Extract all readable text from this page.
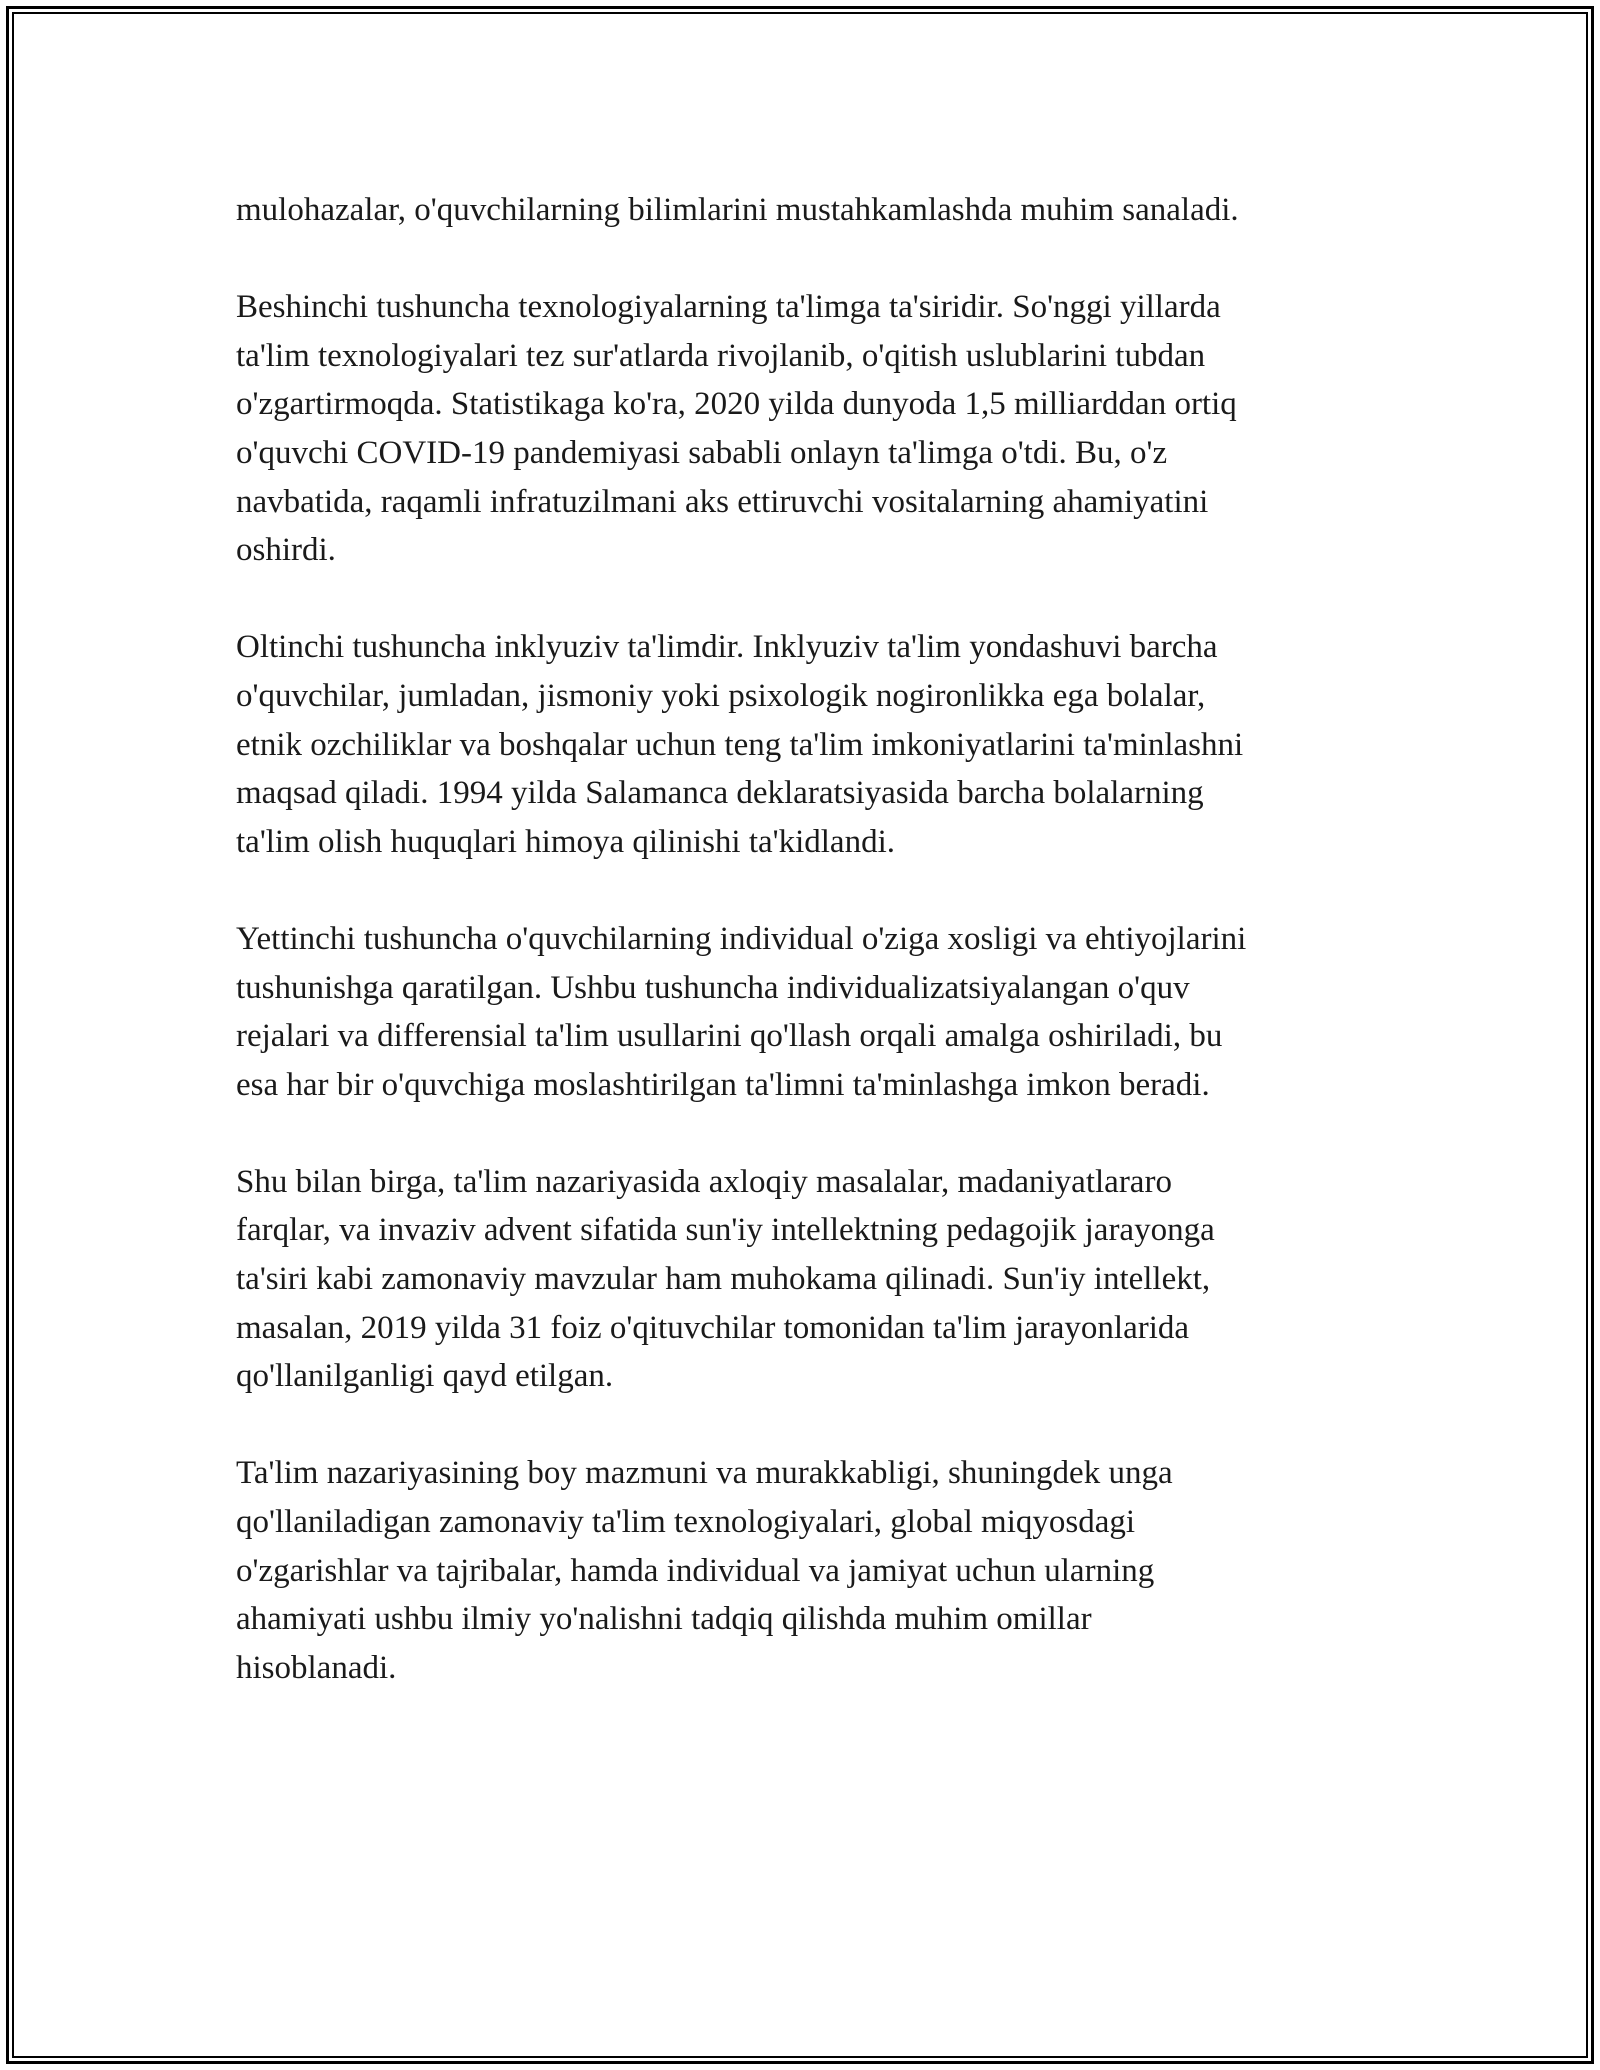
mulohazalar, o'quvchilarning bilimlarini mustahkamlashda muhim sanaladi.

Beshinchi tushuncha texnologiyalarning ta'limga ta'siridir. So'nggi yillarda
ta'lim texnologiyalari tez sur'atlarda rivojlanib, o'qitish uslublarini tubdan
o'zgartirmoqda. Statistikaga ko'ra, 2020 yilda dunyoda 1,5 milliarddan ortiq
o'quvchi COVID-19 pandemiyasi sababli onlayn ta'limga o'tdi. Bu, o'z
navbatida, raqamli infratuzilmani aks ettiruvchi vositalarning ahamiyatini
oshirdi.

Oltinchi tushuncha inklyuziv ta'limdir. Inklyuziv ta'lim yondashuvi barcha
o'quvchilar, jumladan, jismoniy yoki psixologik nogironlikka ega bolalar,
etnik ozchiliklar va boshqalar uchun teng ta'lim imkoniyatlarini ta'minlashni
maqsad qiladi. 1994 yilda Salamanca deklaratsiyasida barcha bolalarning
ta'lim olish huquqlari himoya qilinishi ta'kidlandi.

Yettinchi tushuncha o'quvchilarning individual o'ziga xosligi va ehtiyojlarini
tushunishga qaratilgan. Ushbu tushuncha individualizatsiyalangan o'quv
rejalari va differensial ta'lim usullarini qo'llash orqali amalga oshiriladi, bu
esa har bir o'quvchiga moslashtirilgan ta'limni ta'minlashga imkon beradi.

Shu bilan birga, ta'lim nazariyasida axloqiy masalalar, madaniyatlararo
farqlar, va invaziv advent sifatida sun'iy intellektning pedagojik jarayonga
ta'siri kabi zamonaviy mavzular ham muhokama qilinadi. Sun'iy intellekt,
masalan, 2019 yilda 31 foiz o'qituvchilar tomonidan ta'lim jarayonlarida
qo'llanilganligi qayd etilgan.

Ta'lim nazariyasining boy mazmuni va murakkabligi, shuningdek unga
qo'llaniladigan zamonaviy ta'lim texnologiyalari, global miqyosdagi
o'zgarishlar va tajribalar, hamda individual va jamiyat uchun ularning
ahamiyati ushbu ilmiy yo'nalishni tadqiq qilishda muhim omillar
hisoblanadi.
